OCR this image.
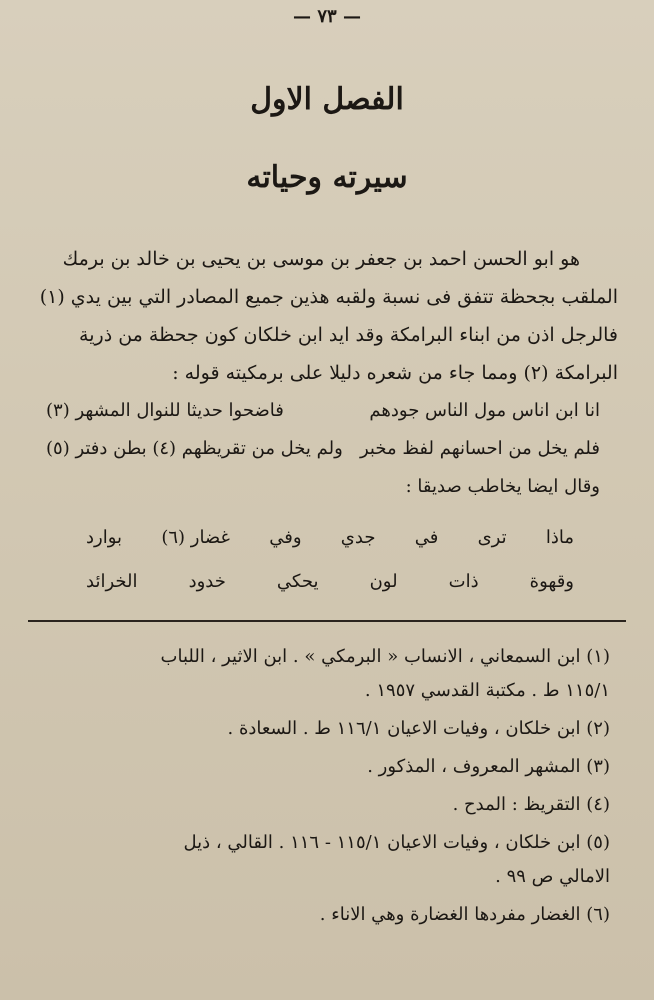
— ٧٣ —
الفصل الاول
سيرته وحياته

هو ابو الحسن احمد بن جعفر بن موسى بن يحيى بن خالد بن برمك

الملقب بجحظة تتفق فى نسبة ولقبه هذين جميع المصادر التي بين يدي (١)

فالرجل اذن من ابناء البرامكة وقد ايد ابن خلكان كون جحظة من ذرية

البرامكة (٢) ومما جاء من شعره دليلا على برمكيته قوله :

انا ابن اناس مول الناس جودهم
فاضحوا حديثا للنوال المشهر (٣)
فلم يخل من احسانهم لفظ مخبر
ولم يخل من تقريظهم (٤) بطن دفتر (٥)
وقال ايضا يخاطب صديقا :
ماذا
ترى
في
جدي
وفي
غضار (٦)
بوارد
وقهوة
ذات
لون
يحكي
خدود
الخرائد
(١) ابن السمعاني ، الانساب « البرمكي » . ابن الاثير ، اللباب
١١٥/١ ط . مكتبة القدسي ١٩٥٧ .
(٢) ابن خلكان ، وفيات الاعيان ١١٦/١ ط . السعادة .
(٣) المشهر المعروف ، المذكور .
(٤) التقريظ : المدح .
(٥) ابن خلكان ، وفيات الاعيان ١١٥/١ - ١١٦ . القالي ، ذيل
الامالي ص ٩٩ .
(٦) الغضار مفردها الغضارة وهي الاناء .
